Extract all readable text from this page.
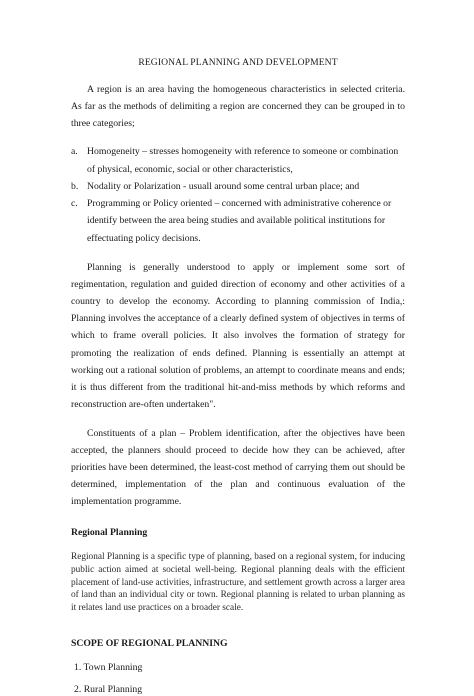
REGIONAL PLANNING AND DEVELOPMENT

A region is an area having the homogeneous characteristics in selected criteria. As far as the methods of delimiting a region are concerned they can be grouped in to three categories;

a. Homogeneity – stresses homogeneity with reference to someone or combination of physical, economic, social or other characteristics,
b. Nodality or Polarization - usuall around some central urban place; and
c. Programming or Policy oriented – concerned with administrative coherence or identify between the area being studies and available political institutions for effectuating policy decisions.

Planning is generally understood to apply or implement some sort of regimentation, regulation and guided direction of economy and other activities of a country to develop the economy. According to planning commission of India,: Planning involves the acceptance of a clearly defined system of objectives in terms of which to frame overall policies. It also involves the formation of strategy for promoting the realization of ends defined. Planning is essentially an attempt at working out a rational solution of problems, an attempt to coordinate means and ends; it is thus different from the traditional hit-and-miss methods by which reforms and reconstruction are-often undertaken".

Constituents of a plan – Problem identification, after the objectives have been accepted, the planners should proceed to decide how they can be achieved, after priorities have been determined, the least-cost method of carrying them out should be determined, implementation of the plan and continuous evaluation of the implementation programme.

Regional Planning

Regional Planning is a specific type of planning, based on a regional system, for inducing public action aimed at societal well-being. Regional planning deals with the efficient placement of land-use activities, infrastructure, and settlement growth across a larger area of land than an individual city or town. Regional planning is related to urban planning as it relates land use practices on a broader scale.

SCOPE OF REGIONAL PLANNING

1. Town Planning

2. Rural Planning
